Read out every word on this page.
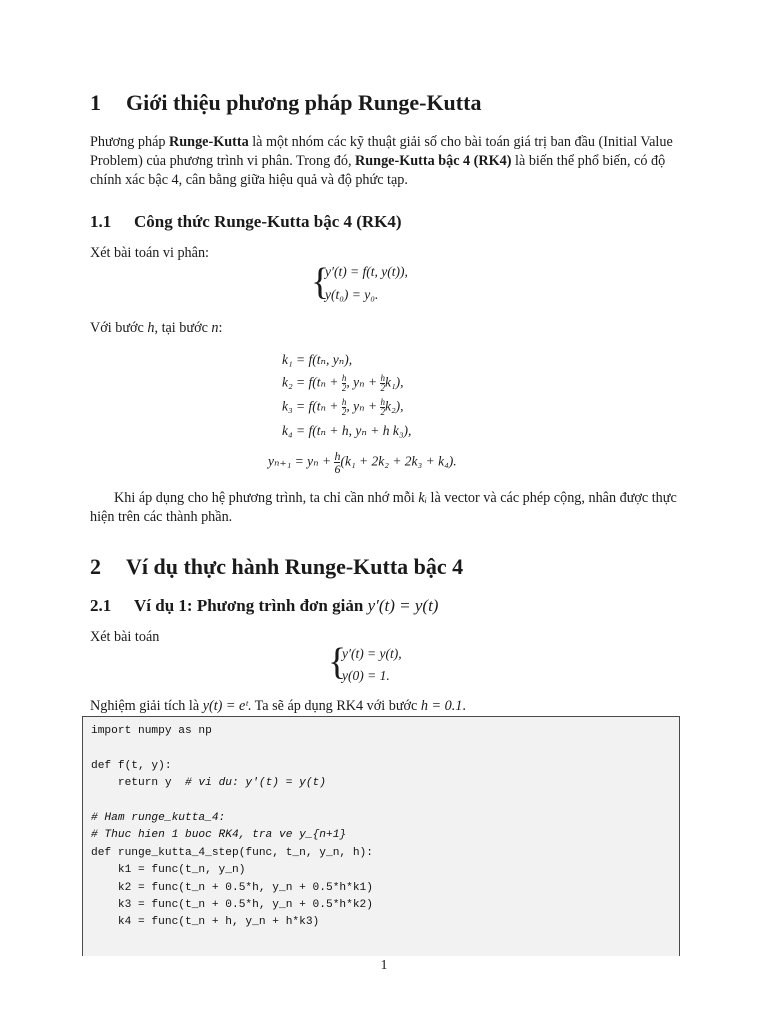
1 Giới thiệu phương pháp Runge-Kutta

Phương pháp Runge-Kutta là một nhóm các kỹ thuật giải số cho bài toán giá trị ban đầu (Initial Value Problem) của phương trình vi phân. Trong đó, Runge-Kutta bậc 4 (RK4) là biến thể phổ biến, có độ chính xác bậc 4, cân bằng giữa hiệu quả và độ phức tạp.

1.1 Công thức Runge-Kutta bậc 4 (RK4)

Xét bài toán vi phân:

{
y′(t) = f(t, y(t)),
y(t₀) = y₀.

Với bước h, tại bước n:

k₁ = f(tₙ, yₙ),
$k_2 = f(t_n + \frac{h}{2}$ , $y_n + \frac{h}{2} k_1$),
$k_3 = f(t_n + \frac{h}{2}$ , $y_n + \frac{h}{2} k_2$),
k₄ = f(tₙ + h, yₙ + h k₃),
$y_{n+1} = y_n + \frac{h}{6} (k_1 + 2k_2 + 2k_3 + k_4)$.

Khi áp dụng cho hệ phương trình, ta chỉ cần nhớ mỗi kᵢ là vector và các phép cộng, nhân được thực hiện trên các thành phần.

2 Ví dụ thực hành Runge-Kutta bậc 4
2.1 Ví dụ 1: Phương trình đơn giản y′(t) = y(t)

Xét bài toán

{
y′(t) = y(t),
y(0) = 1.

Nghiệm giải tích là y(t) = eᵗ. Ta sẽ áp dụng RK4 với bước h = 0.1.

import numpy as np
def f(t, y):
return y  # vi du: y'(t) = y(t)
# Ham runge_kutta_4:
# Thuc hien 1 buoc RK4, tra ve y_{n+1}
def runge_kutta_4_step(func, t_n, y_n, h):
k1 = func(t_n, y_n)
k2 = func(t_n + 0.5*h, y_n + 0.5*h*k1)
k3 = func(t_n + 0.5*h, y_n + 0.5*h*k2)
k4 = func(t_n + h, y_n + h*k3)
1
